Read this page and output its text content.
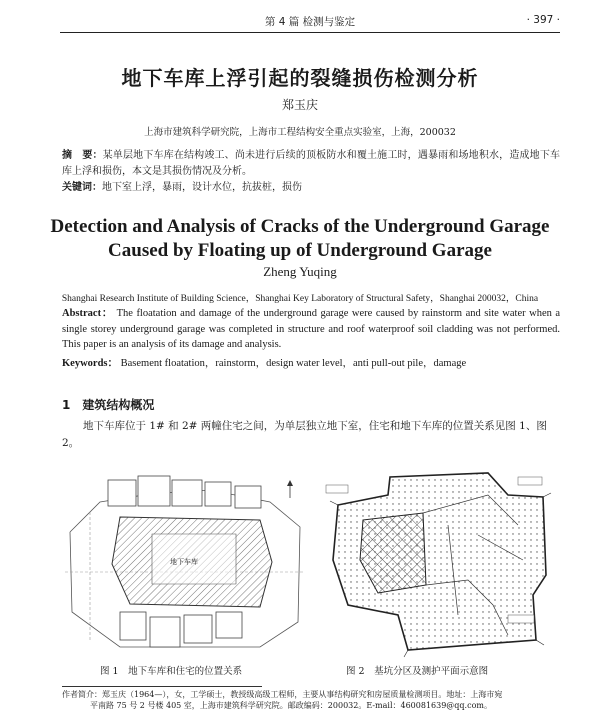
第 4 篇 检测与鉴定	· 397 ·
地下车库上浮引起的裂缝损伤检测分析
郑玉庆
上海市建筑科学研究院，上海市工程结构安全重点实验室，上海，200032
摘　要：某单层地下车库在结构竣工、尚未进行后续的顶板防水和覆土施工时，遇暴雨和场地积水，造成地下车库上浮和损伤，本文是其损伤情况及分析。
关键词：地下室上浮，暴雨，设计水位，抗拔桩，损伤
Detection and Analysis of Cracks of the Underground Garage
Caused by Floating up of Underground Garage
Zheng Yuqing
Shanghai Research Institute of Building Science，Shanghai Key Laboratory of Structural Safety，Shanghai 200032，China
Abstract： The floatation and damage of the underground garage were caused by rainstorm and site water when a single storey underground garage was completed in structure and roof waterproof soil cladding was not performed. This paper is an analysis of its damage and analysis.
Keywords： Basement floatation，rainstorm，design water level，anti pull-out pile，damage
1 建筑结构概况
地下车库位于 1# 和 2# 两幢住宅之间，为单层独立地下室，住宅和地下车库的位置关系见图 1、图 2。
地下车库
图 1　地下车库和住宅的位置关系	图 2　基坑分区及测护平面示意图
作者简介：郑玉庆（1964—），女，工学硕士，教授级高级工程师，主要从事结构研究和房屋质量检测项目。地址：上海市宛
平南路 75 号 2 号楼 405 室，上海市建筑科学研究院。邮政编码：200032。E-mail：460081639@qq.com。
